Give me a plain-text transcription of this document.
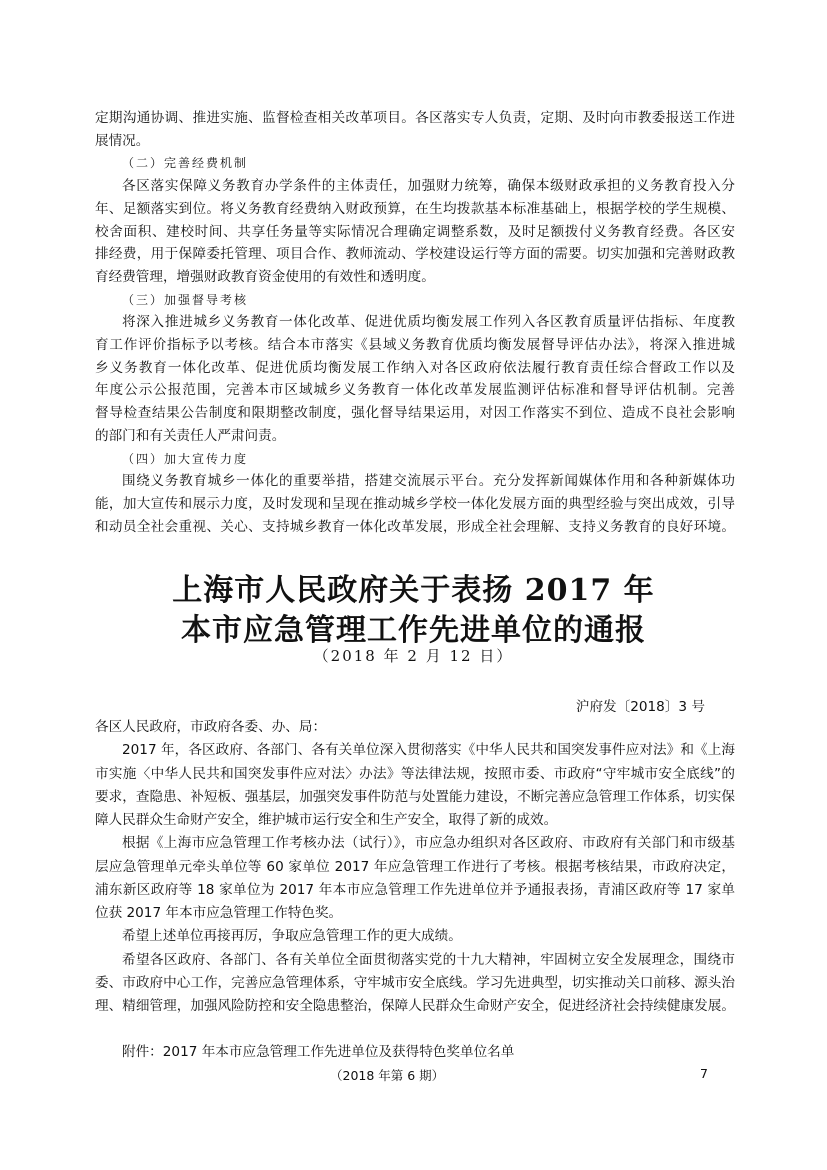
定期沟通协调、推进实施、监督检查相关改革项目。各区落实专人负责，定期、及时向市教委报送工作进
展情况。
（二）完善经费机制
各区落实保障义务教育办学条件的主体责任，加强财力统筹，确保本级财政承担的义务教育投入分
年、足额落实到位。将义务教育经费纳入财政预算，在生均拨款基本标准基础上，根据学校的学生规模、
校舍面积、建校时间、共享任务量等实际情况合理确定调整系数，及时足额拨付义务教育经费。各区安
排经费，用于保障委托管理、项目合作、教师流动、学校建设运行等方面的需要。切实加强和完善财政教
育经费管理，增强财政教育资金使用的有效性和透明度。
（三）加强督导考核
将深入推进城乡义务教育一体化改革、促进优质均衡发展工作列入各区教育质量评估指标、年度教
育工作评价指标予以考核。结合本市落实《县域义务教育优质均衡发展督导评估办法》，将深入推进城
乡义务教育一体化改革、促进优质均衡发展工作纳入对各区政府依法履行教育责任综合督政工作以及
年度公示公报范围，完善本市区域城乡义务教育一体化改革发展监测评估标准和督导评估机制。完善
督导检查结果公告制度和限期整改制度，强化督导结果运用，对因工作落实不到位、造成不良社会影响
的部门和有关责任人严肃问责。
（四）加大宣传力度
围绕义务教育城乡一体化的重要举措，搭建交流展示平台。充分发挥新闻媒体作用和各种新媒体功
能，加大宣传和展示力度，及时发现和呈现在推动城乡学校一体化发展方面的典型经验与突出成效，引导
和动员全社会重视、关心、支持城乡教育一体化改革发展，形成全社会理解、支持义务教育的良好环境。
上海市人民政府关于表扬 2017 年
本市应急管理工作先进单位的通报
（2018 年 2 月 12 日）
沪府发〔2018〕3 号
各区人民政府，市政府各委、办、局：
2017 年，各区政府、各部门、各有关单位深入贯彻落实《中华人民共和国突发事件应对法》和《上海
市实施〈中华人民共和国突发事件应对法〉办法》等法律法规，按照市委、市政府“守牢城市安全底线”的
要求，查隐患、补短板、强基层，加强突发事件防范与处置能力建设，不断完善应急管理工作体系，切实保
障人民群众生命财产安全，维护城市运行安全和生产安全，取得了新的成效。
根据《上海市应急管理工作考核办法（试行）》，市应急办组织对各区政府、市政府有关部门和市级基
层应急管理单元牵头单位等 60 家单位 2017 年应急管理工作进行了考核。根据考核结果，市政府决定，
浦东新区政府等 18 家单位为 2017 年本市应急管理工作先进单位并予通报表扬，青浦区政府等 17 家单
位获 2017 年本市应急管理工作特色奖。
希望上述单位再接再厉，争取应急管理工作的更大成绩。
希望各区政府、各部门、各有关单位全面贯彻落实党的十九大精神，牢固树立安全发展理念，围绕市
委、市政府中心工作，完善应急管理体系，守牢城市安全底线。学习先进典型，切实推动关口前移、源头治
理、精细管理，加强风险防控和安全隐患整治，保障人民群众生命财产安全，促进经济社会持续健康发展。
附件：2017 年本市应急管理工作先进单位及获得特色奖单位名单
（2018 年第 6 期）	7
